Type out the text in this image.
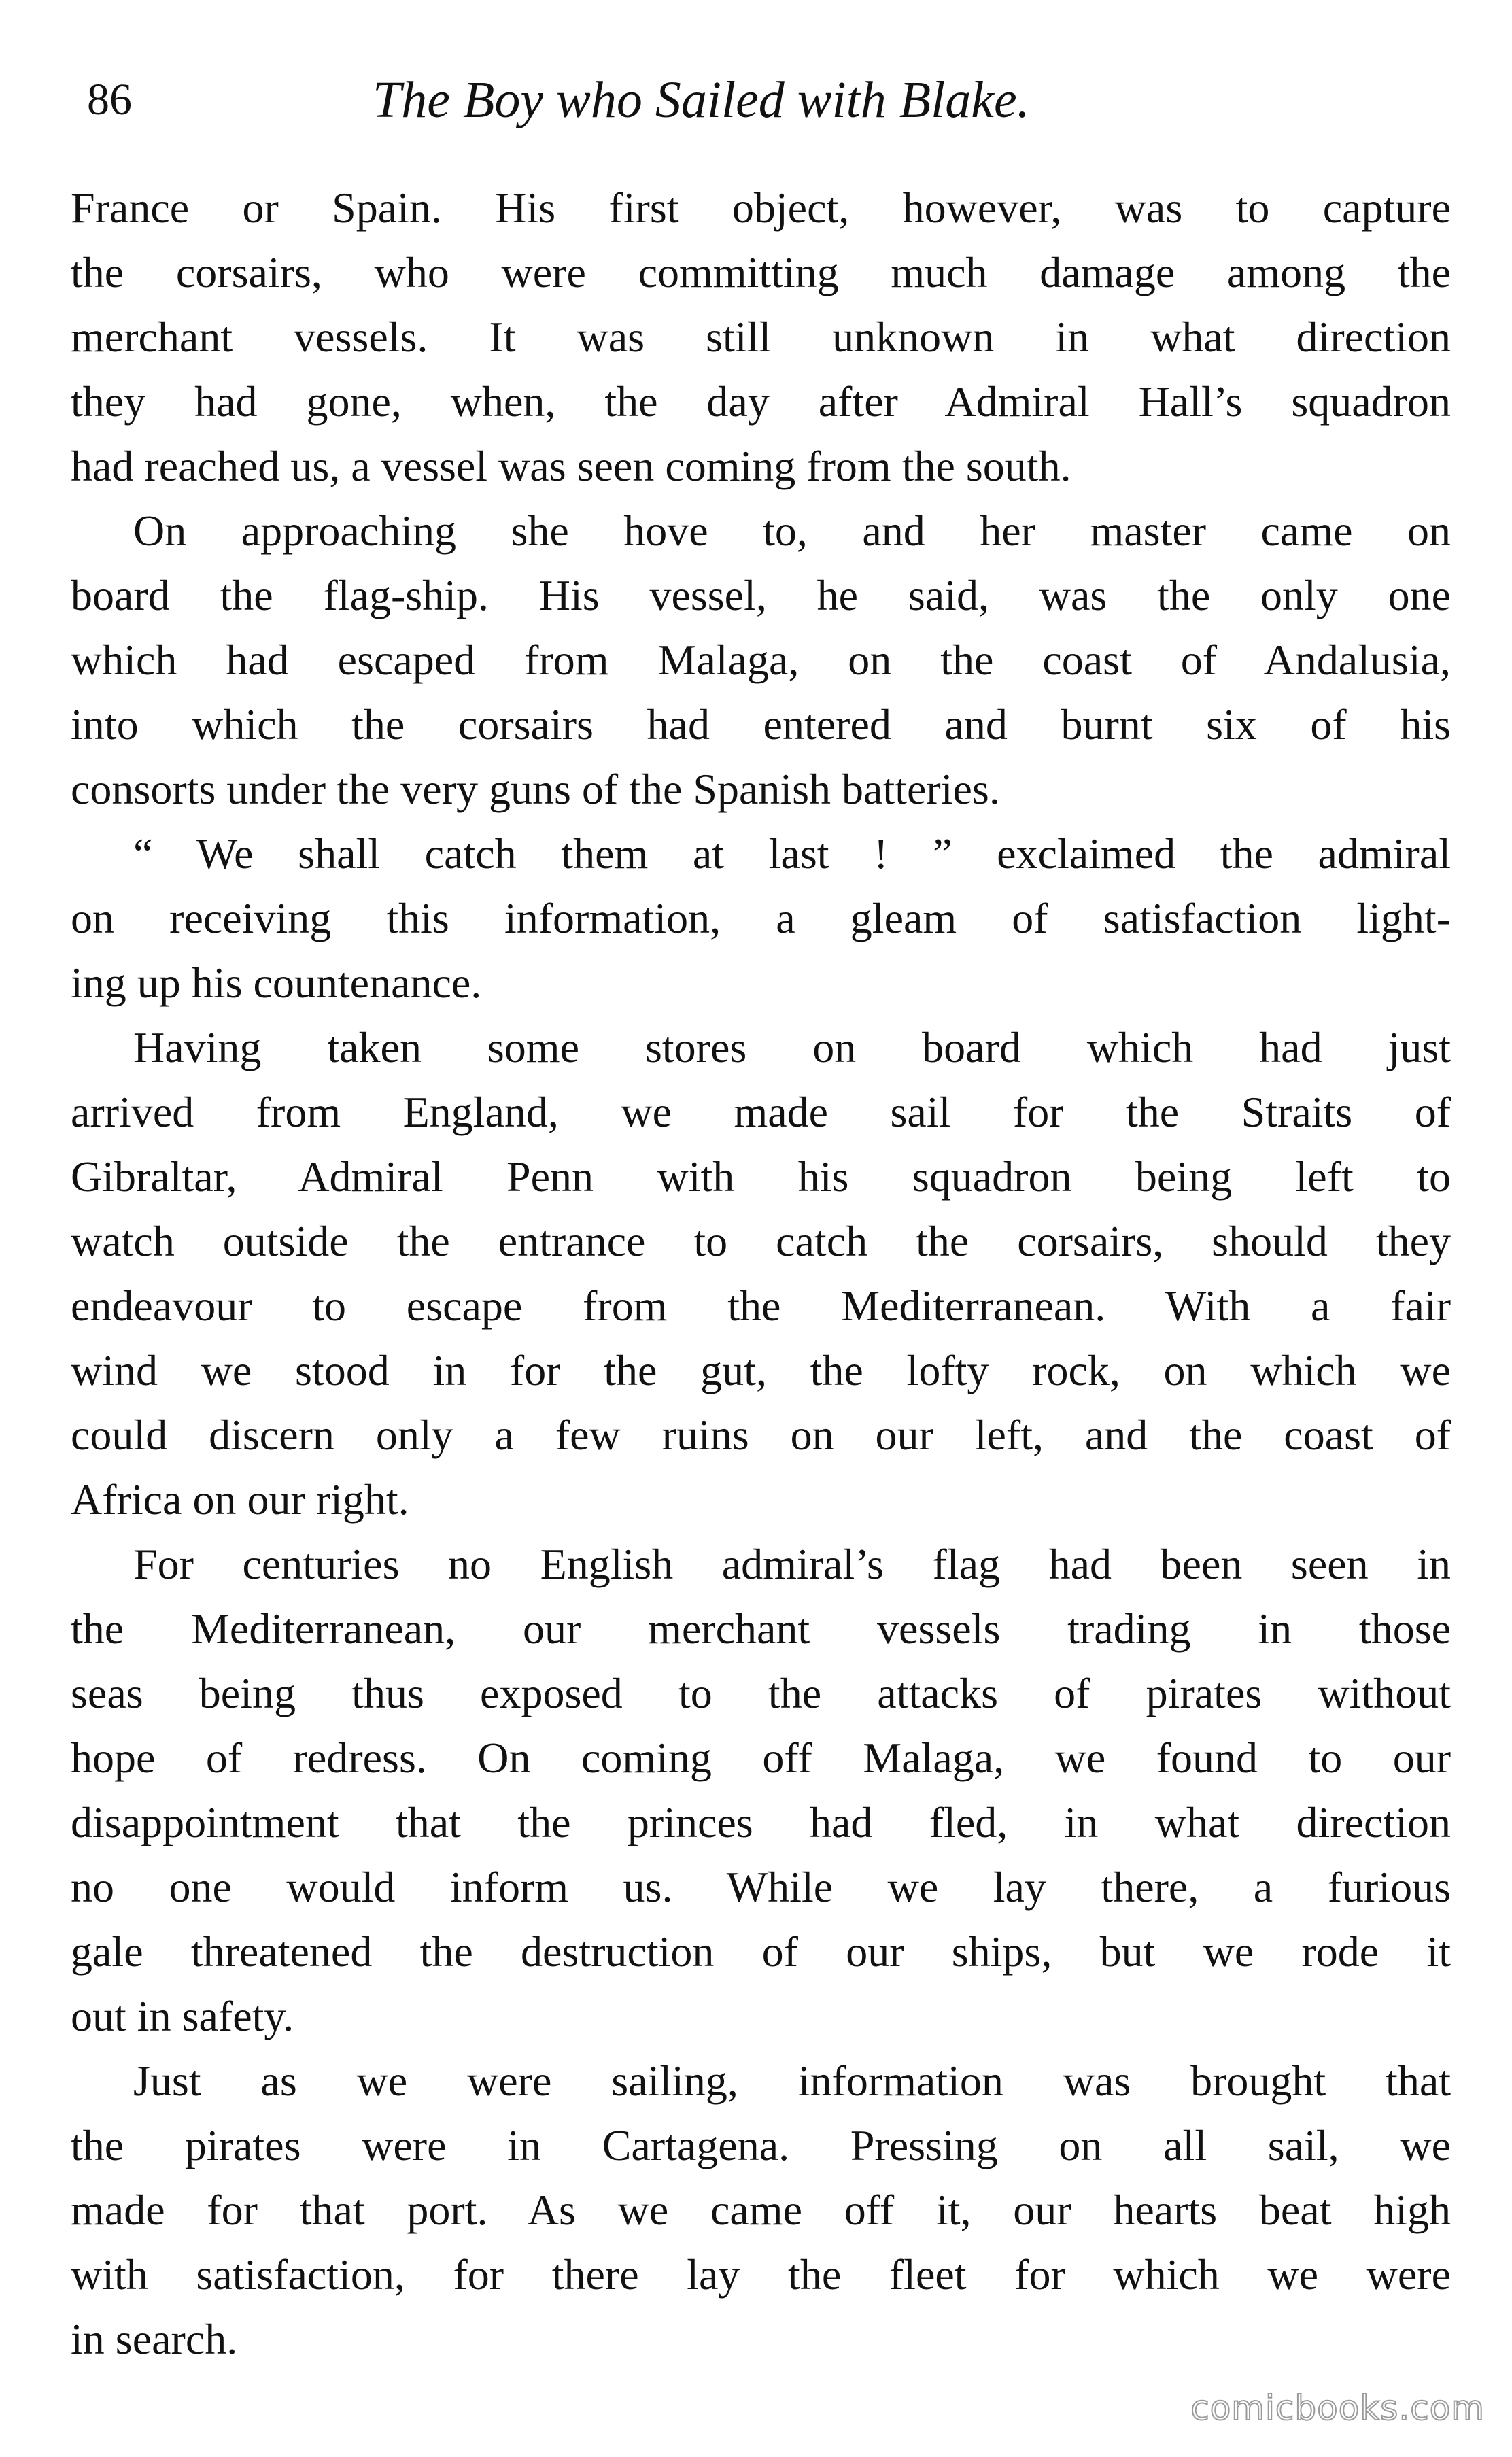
86	The Boy who Sailed with Blake.
France or Spain. His first object, however, was to capture
the corsairs, who were committing much damage among the
merchant vessels. It was still unknown in what direction
they had gone, when, the day after Admiral Hall’s squadron
had reached us, a vessel was seen coming from the south.
On approaching she hove to, and her master came on
board the flag-ship. His vessel, he said, was the only one
which had escaped from Malaga, on the coast of Andalusia,
into which the corsairs had entered and burnt six of his
consorts under the very guns of the Spanish batteries.
“ We shall catch them at last ! ” exclaimed the admiral
on receiving this information, a gleam of satisfaction light-
ing up his countenance.
Having taken some stores on board which had just
arrived from England, we made sail for the Straits of
Gibraltar, Admiral Penn with his squadron being left to
watch outside the entrance to catch the corsairs, should they
endeavour to escape from the Mediterranean. With a fair
wind we stood in for the gut, the lofty rock, on which we
could discern only a few ruins on our left, and the coast of
Africa on our right.
For centuries no English admiral’s flag had been seen in
the Mediterranean, our merchant vessels trading in those
seas being thus exposed to the attacks of pirates without
hope of redress. On coming off Malaga, we found to our
disappointment that the princes had fled, in what direction
no one would inform us. While we lay there, a furious
gale threatened the destruction of our ships, but we rode it
out in safety.
Just as we were sailing, information was brought that
the pirates were in Cartagena. Pressing on all sail, we
made for that port. As we came off it, our hearts beat high
with satisfaction, for there lay the fleet for which we were
in search.
comicbooks.com
